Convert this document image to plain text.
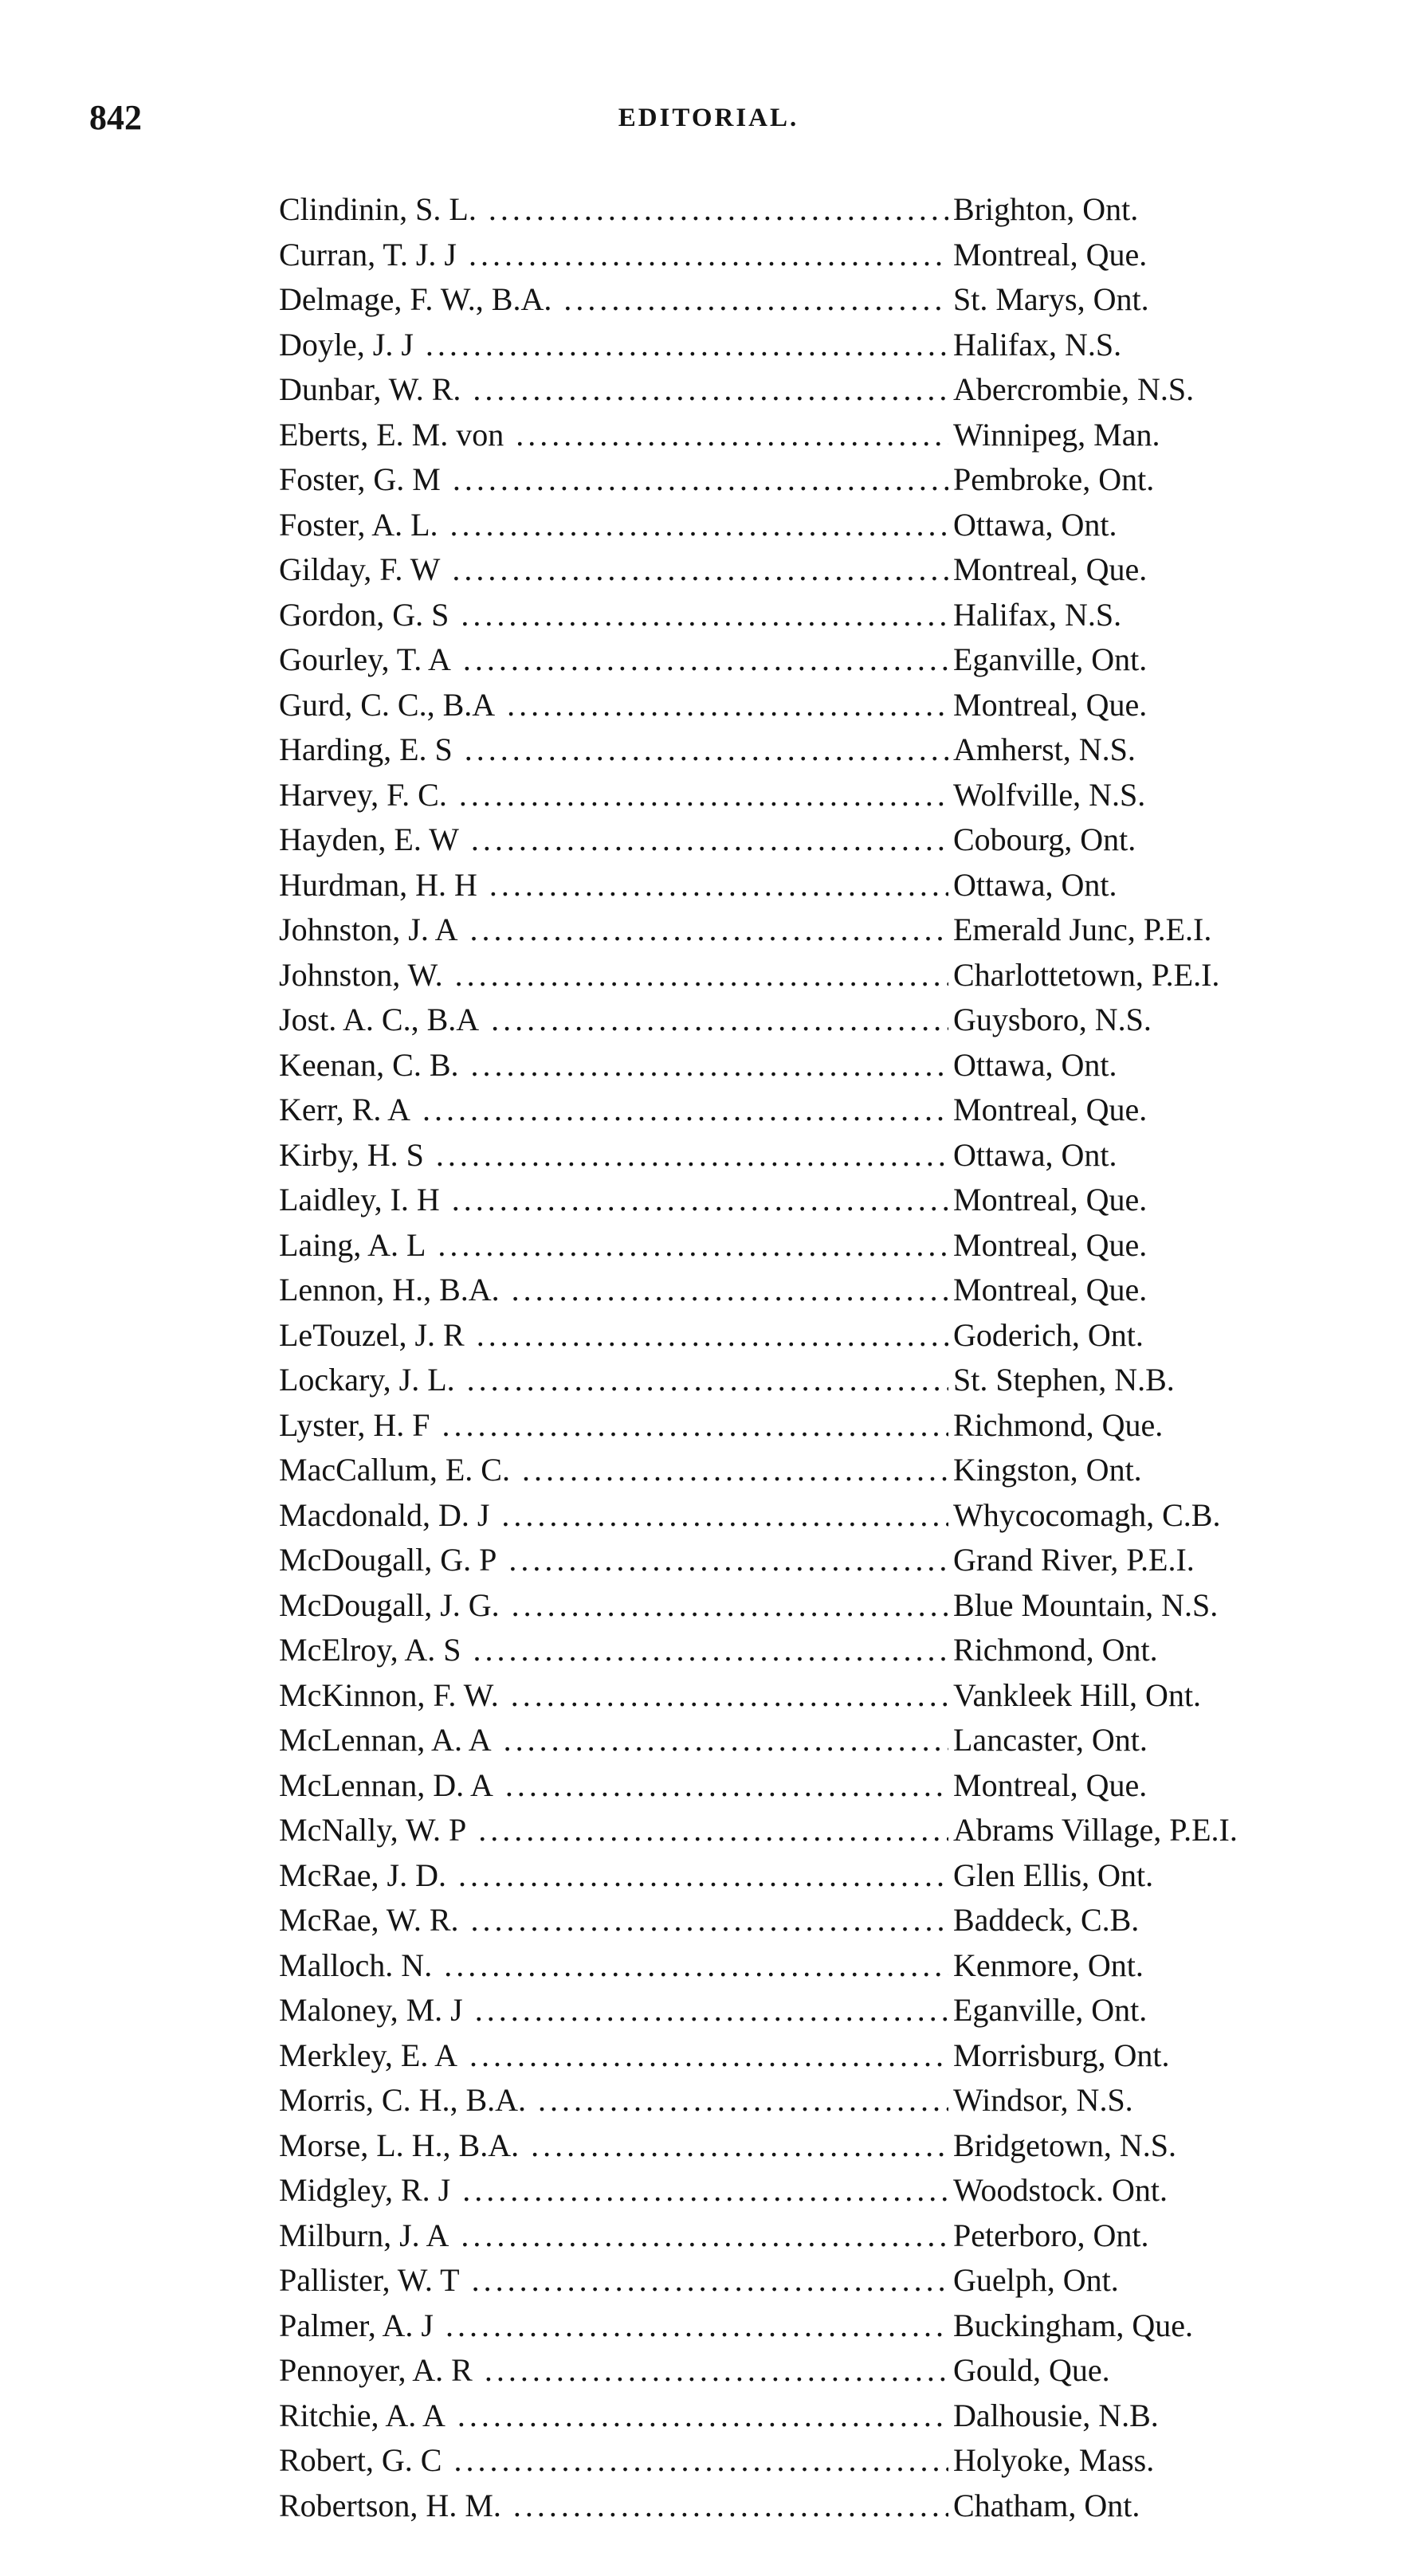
842	EDITORIAL.
Clindinin, S. L. .....	Brighton, Ont.
Curran, T. J. J .....	Montreal, Que.
Delmage, F. W., B.A. .....	St. Marys, Ont.
Doyle, J. J .....	Halifax, N.S.
Dunbar, W. R. .....	Abercrombie, N.S.
Eberts, E. M. von .....	Winnipeg, Man.
Foster, G. M .....	Pembroke, Ont.
Foster, A. L. .....	Ottawa, Ont.
Gilday, F. W .....	Montreal, Que.
Gordon, G. S .....	Halifax, N.S.
Gourley, T. A .....	Eganville, Ont.
Gurd, C. C., B.A .....	Montreal, Que.
Harding, E. S .....	Amherst, N.S.
Harvey, F. C. .....	Wolfville, N.S.
Hayden, E. W .....	Cobourg, Ont.
Hurdman, H. H .....	Ottawa, Ont.
Johnston, J. A .....	Emerald Junc, P.E.I.
Johnston, W. .....	Charlottetown, P.E.I.
Jost. A. C., B.A .....	Guysboro, N.S.
Keenan, C. B. .....	Ottawa, Ont.
Kerr, R. A .....	Montreal, Que.
Kirby, H. S .....	Ottawa, Ont.
Laidley, I. H .....	Montreal, Que.
Laing, A. L .....	Montreal, Que.
Lennon, H., B.A. .....	Montreal, Que.
LeTouzel, J. R .....	Goderich, Ont.
Lockary, J. L. .....	St. Stephen, N.B.
Lyster, H. F .....	Richmond, Que.
MacCallum, E. C. .....	Kingston, Ont.
Macdonald, D. J .....	Whycocomagh, C.B.
McDougall, G. P .....	Grand River, P.E.I.
McDougall, J. G. .....	Blue Mountain, N.S.
McElroy, A. S .....	Richmond, Ont.
McKinnon, F. W. .....	Vankleek Hill, Ont.
McLennan, A. A .....	Lancaster, Ont.
McLennan, D. A .....	Montreal, Que.
McNally, W. P .....	Abrams Village, P.E.I.
McRae, J. D. .....	Glen Ellis, Ont.
McRae, W. R. .....	Baddeck, C.B.
Malloch. N. .....	Kenmore, Ont.
Maloney, M. J .....	Eganville, Ont.
Merkley, E. A .....	Morrisburg, Ont.
Morris, C. H., B.A. .....	Windsor, N.S.
Morse, L. H., B.A. .....	Bridgetown, N.S.
Midgley, R. J .....	Woodstock. Ont.
Milburn, J. A .....	Peterboro, Ont.
Pallister, W. T .....	Guelph, Ont.
Palmer, A. J .....	Buckingham, Que.
Pennoyer, A. R .....	Gould, Que.
Ritchie, A. A .....	Dalhousie, N.B.
Robert, G. C .....	Holyoke, Mass.
Robertson, H. M. .....	Chatham, Ont.
